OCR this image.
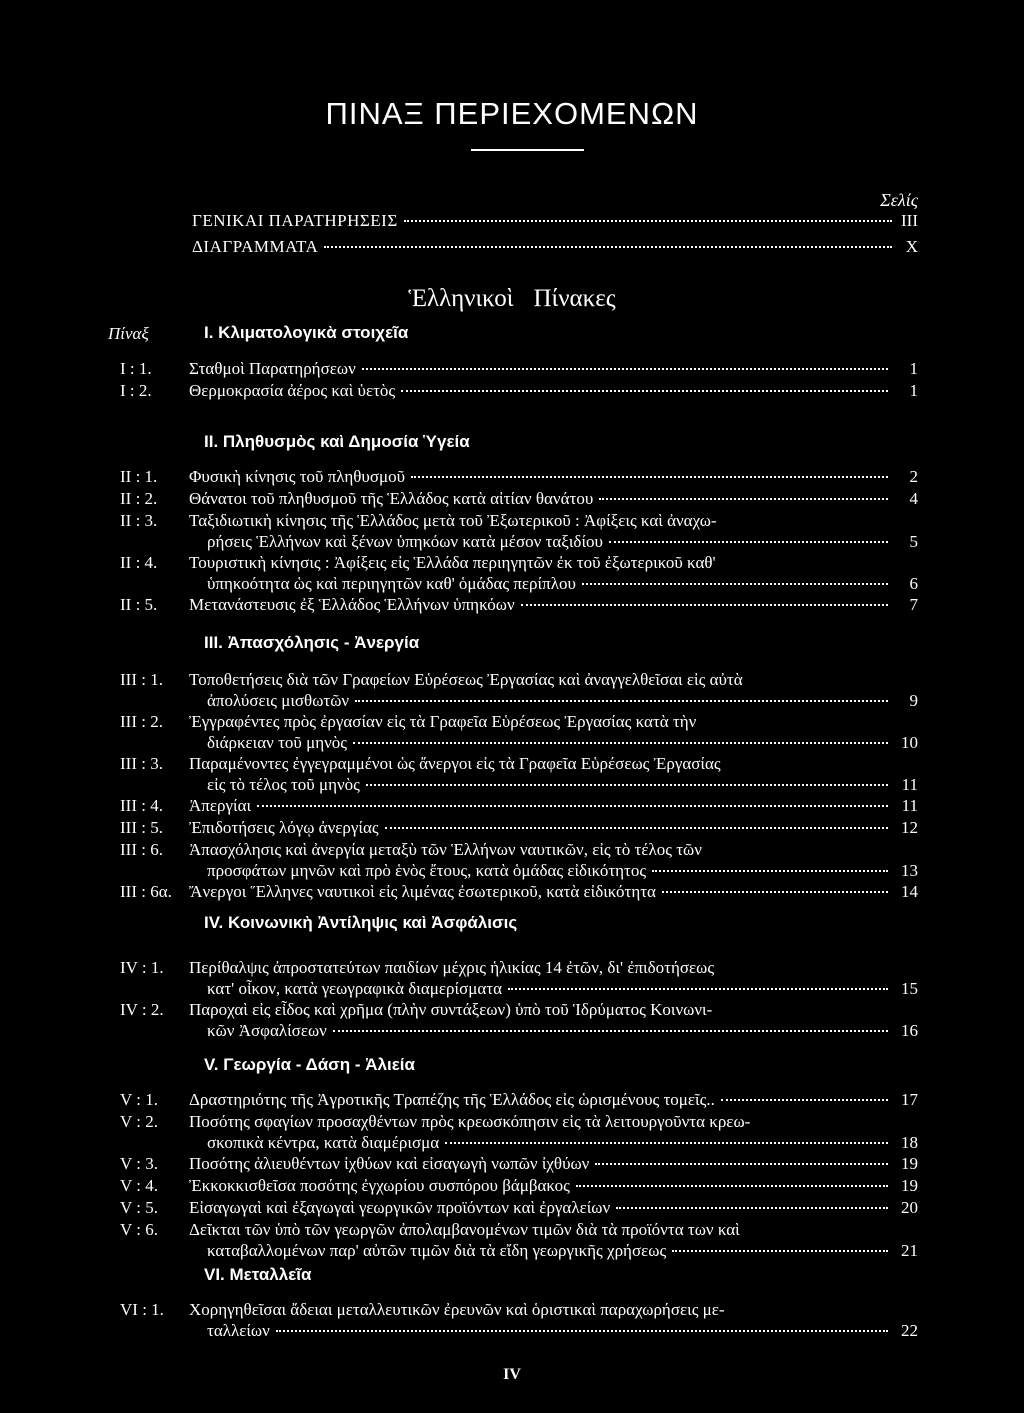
ΠΙΝΑΞ ΠΕΡΙΕΧΟΜΕΝΩΝ
Σελίς
ΓΕΝΙΚΑΙ ΠΑΡΑΤΗΡΗΣΕΙΣ	III
ΔΙΑΓΡΑΜΜΑΤΑ	X
Ἑλληνικοὶ Πίνακες
Πίναξ	I. Κλιματολογικὰ στοιχεῖα
II. Πληθυσμὸς καὶ Δημοσία Ὑγεία
III. Ἀπασχόλησις - Ἀνεργία
IV. Κοινωνικὴ Ἀντίληψις καὶ Ἀσφάλισις
V. Γεωργία - Δάση - Ἁλιεία
VI. Μεταλλεῖα
I : 1.	Σταθμοὶ Παρατηρήσεων	1
I : 2.	Θερμοκρασία ἀέρος καὶ ὑετὸς	1
II : 1.	Φυσικὴ κίνησις τοῦ πληθυσμοῦ	2
II : 2.	Θάνατοι τοῦ πληθυσμοῦ τῆς Ἑλλάδος κατὰ αἰτίαν θανάτου	4
II : 3.	Ταξιδιωτικὴ κίνησις τῆς Ἑλλάδος μετὰ τοῦ Ἐξωτερικοῦ : Ἀφίξεις καὶ ἀναχω-
ρήσεις Ἑλλήνων καὶ ξένων ὑπηκόων κατὰ μέσον ταξιδίου	5
II : 4.	Τουριστικὴ κίνησις : Ἀφίξεις εἰς Ἑλλάδα περιηγητῶν ἐκ τοῦ ἐξωτερικοῦ καθ'
ὑπηκοότητα ὡς καὶ περιηγητῶν καθ' ὁμάδας περίπλου	6
II : 5.	Μετανάστευσις ἐξ Ἑλλάδος Ἑλλήνων ὑπηκόων	7
III : 1.	Τοποθετήσεις διὰ τῶν Γραφείων Εὑρέσεως Ἐργασίας καὶ ἀναγγελθεῖσαι εἰς αὐτὰ
ἀπολύσεις μισθωτῶν	9
III : 2.	Ἐγγραφέντες πρὸς ἐργασίαν εἰς τὰ Γραφεῖα Εὑρέσεως Ἐργασίας κατὰ τὴν
διάρκειαν τοῦ μηνὸς	10
III : 3.	Παραμένοντες ἐγγεγραμμένοι ὡς ἄνεργοι εἰς τὰ Γραφεῖα Εὑρέσεως Ἐργασίας
εἰς τὸ τέλος τοῦ μηνὸς	11
III : 4.	Ἀπεργίαι	11
III : 5.	Ἐπιδοτήσεις λόγῳ ἀνεργίας	12
III : 6.	Ἀπασχόλησις καὶ ἀνεργία μεταξὺ τῶν Ἑλλήνων ναυτικῶν, εἰς τὸ τέλος τῶν
προσφάτων μηνῶν καὶ πρὸ ἑνὸς ἔτους, κατὰ ὁμάδας εἰδικότητος	13
III : 6α.	Ἄνεργοι Ἕλληνες ναυτικοὶ εἰς λιμένας ἐσωτερικοῦ, κατὰ εἰδικότητα	14
IV : 1.	Περίθαλψις ἀπροστατεύτων παιδίων μέχρις ἡλικίας 14 ἐτῶν, δι' ἐπιδοτήσεως
κατ' οἶκον, κατὰ γεωγραφικὰ διαμερίσματα	15
IV : 2.	Παροχαὶ εἰς εἶδος καὶ χρῆμα (πλὴν συντάξεων) ὑπὸ τοῦ Ἱδρύματος Κοινωνι-
κῶν Ἀσφαλίσεων	16
V : 1.	Δραστηριότης τῆς Ἀγροτικῆς Τραπέζης τῆς Ἑλλάδος εἰς ὡρισμένους τομεῖς..	17
V : 2.	Ποσότης σφαγίων προσαχθέντων πρὸς κρεωσκόπησιν εἰς τὰ λειτουργοῦντα κρεω-
σκοπικὰ κέντρα, κατὰ διαμέρισμα	18
V : 3.	Ποσότης ἁλιευθέντων ἰχθύων καὶ εἰσαγωγὴ νωπῶν ἰχθύων	19
V : 4.	Ἐκκοκκισθεῖσα ποσότης ἐγχωρίου συσπόρου βάμβακος	19
V : 5.	Εἰσαγωγαὶ καὶ ἐξαγωγαὶ γεωργικῶν προϊόντων καὶ ἐργαλείων	20
V : 6.	Δεῖκται τῶν ὑπὸ τῶν γεωργῶν ἀπολαμβανομένων τιμῶν διὰ τὰ προϊόντα των καὶ
καταβαλλομένων παρ' αὐτῶν τιμῶν διὰ τὰ εἴδη γεωργικῆς χρήσεως	21
VI : 1.	Χορηγηθεῖσαι ἄδειαι μεταλλευτικῶν ἐρευνῶν καὶ ὁριστικαὶ παραχωρήσεις με-
ταλλείων	22
IV
